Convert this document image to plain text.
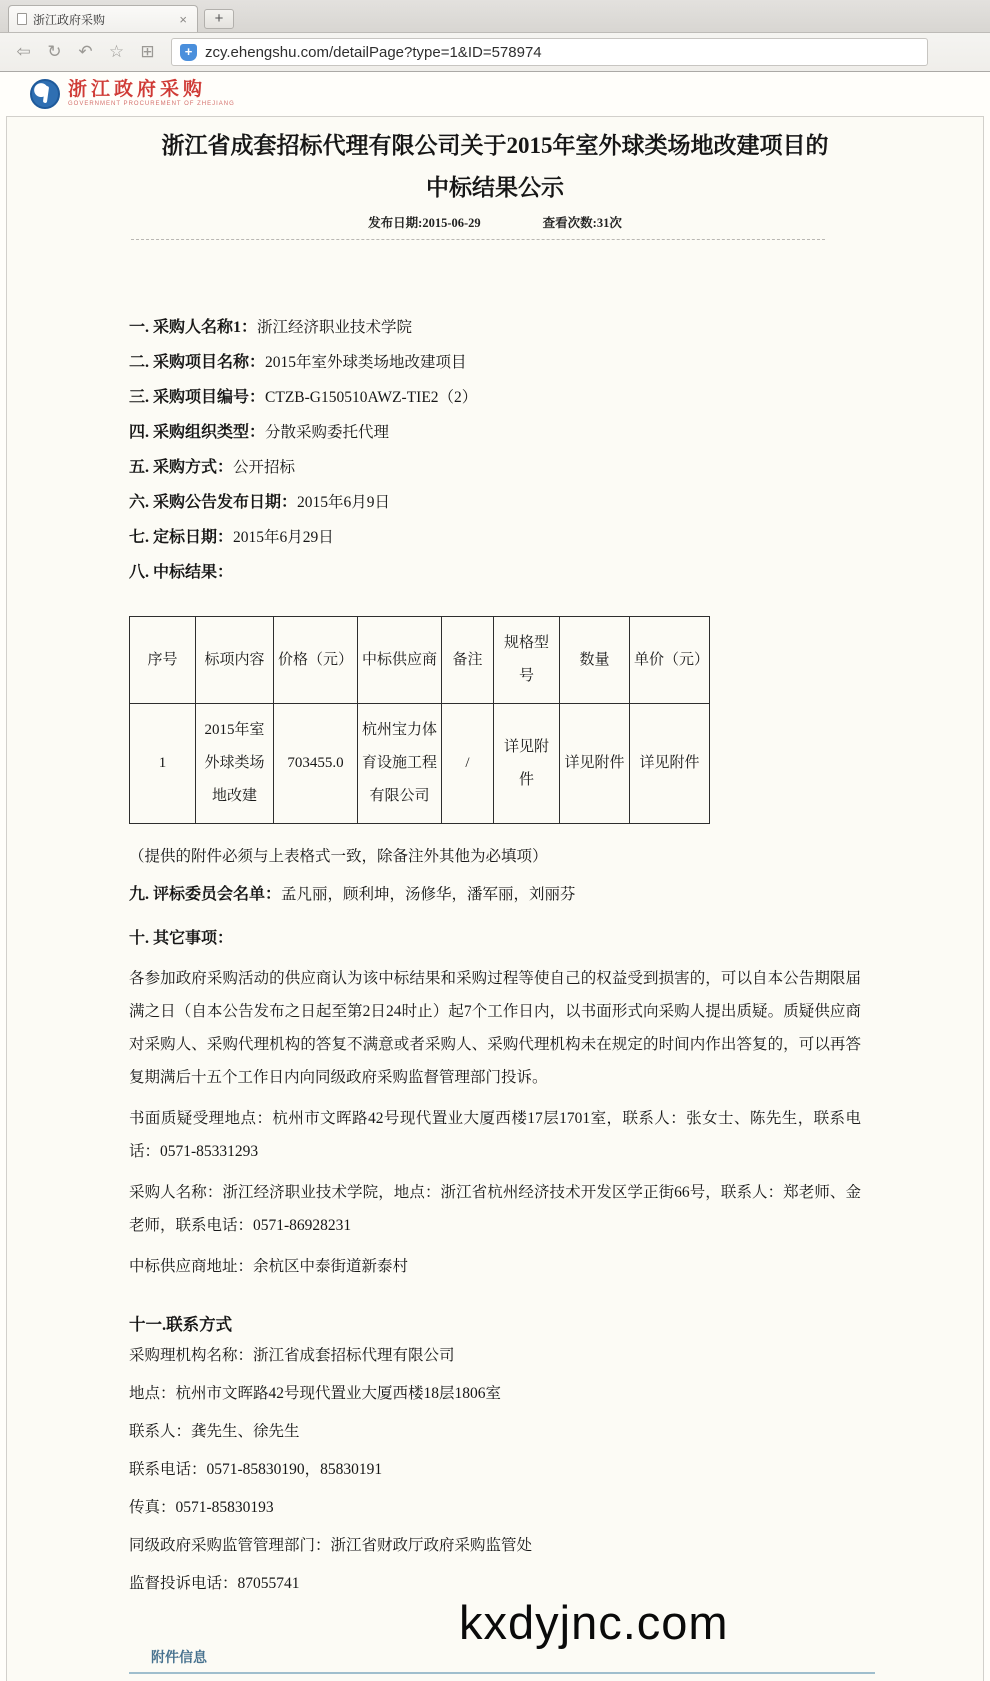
浙江政府采购	×	+
⇦ ↻ ↶ ☆ ⊞	+ zcy.ehengshu.com/detailPage?type=1&ID=578974
浙江政府采购
GOVERNMENT PROCUREMENT OF ZHEJIANG
浙江省成套招标代理有限公司关于2015年室外球类场地改建项目的
中标结果公示
发布日期:2015-06-29	查看次数:31次
一. 采购人名称1：浙江经济职业技术学院
二. 采购项目名称：2015年室外球类场地改建项目
三. 采购项目编号：CTZB-G150510AWZ-TIE2（2）
四. 采购组织类型：分散采购委托代理
五. 采购方式：公开招标
六. 采购公告发布日期：2015年6月9日
七. 定标日期：2015年6月29日
八. 中标结果：
序号	标项内容	价格（元）	中标供应商	备注	规格型号	数量	单价（元）
1	2015年室外球类场地改建	703455.0	杭州宝力体育设施工程有限公司	/	详见附件	详见附件	详见附件
（提供的附件必须与上表格式一致，除备注外其他为必填项）
九. 评标委员会名单：孟凡丽，顾利坤，汤修华，潘军丽，刘丽芬
十. 其它事项：
各参加政府采购活动的供应商认为该中标结果和采购过程等使自己的权益受到损害的，可以自本公告期限届满之日（自本公告发布之日起至第2日24时止）起7个工作日内，以书面形式向采购人提出质疑。质疑供应商对采购人、采购代理机构的答复不满意或者采购人、采购代理机构未在规定的时间内作出答复的，可以再答复期满后十五个工作日内向同级政府采购监督管理部门投诉。
书面质疑受理地点：杭州市文晖路42号现代置业大厦西楼17层1701室，联系人：张女士、陈先生，联系电话：0571-85331293
采购人名称：浙江经济职业技术学院，地点：浙江省杭州经济技术开发区学正街66号，联系人：郑老师、金老师，联系电话：0571-86928231
中标供应商地址：余杭区中泰街道新泰村
十一.联系方式
采购理机构名称：浙江省成套招标代理有限公司
地点：杭州市文晖路42号现代置业大厦西楼18层1806室
联系人：龚先生、徐先生
联系电话：0571-85830190，85830191
传真：0571-85830193
同级政府采购监管管理部门：浙江省财政厅政府采购监管处
监督投诉电话：87055741
kxdyjnc.com
附件信息
